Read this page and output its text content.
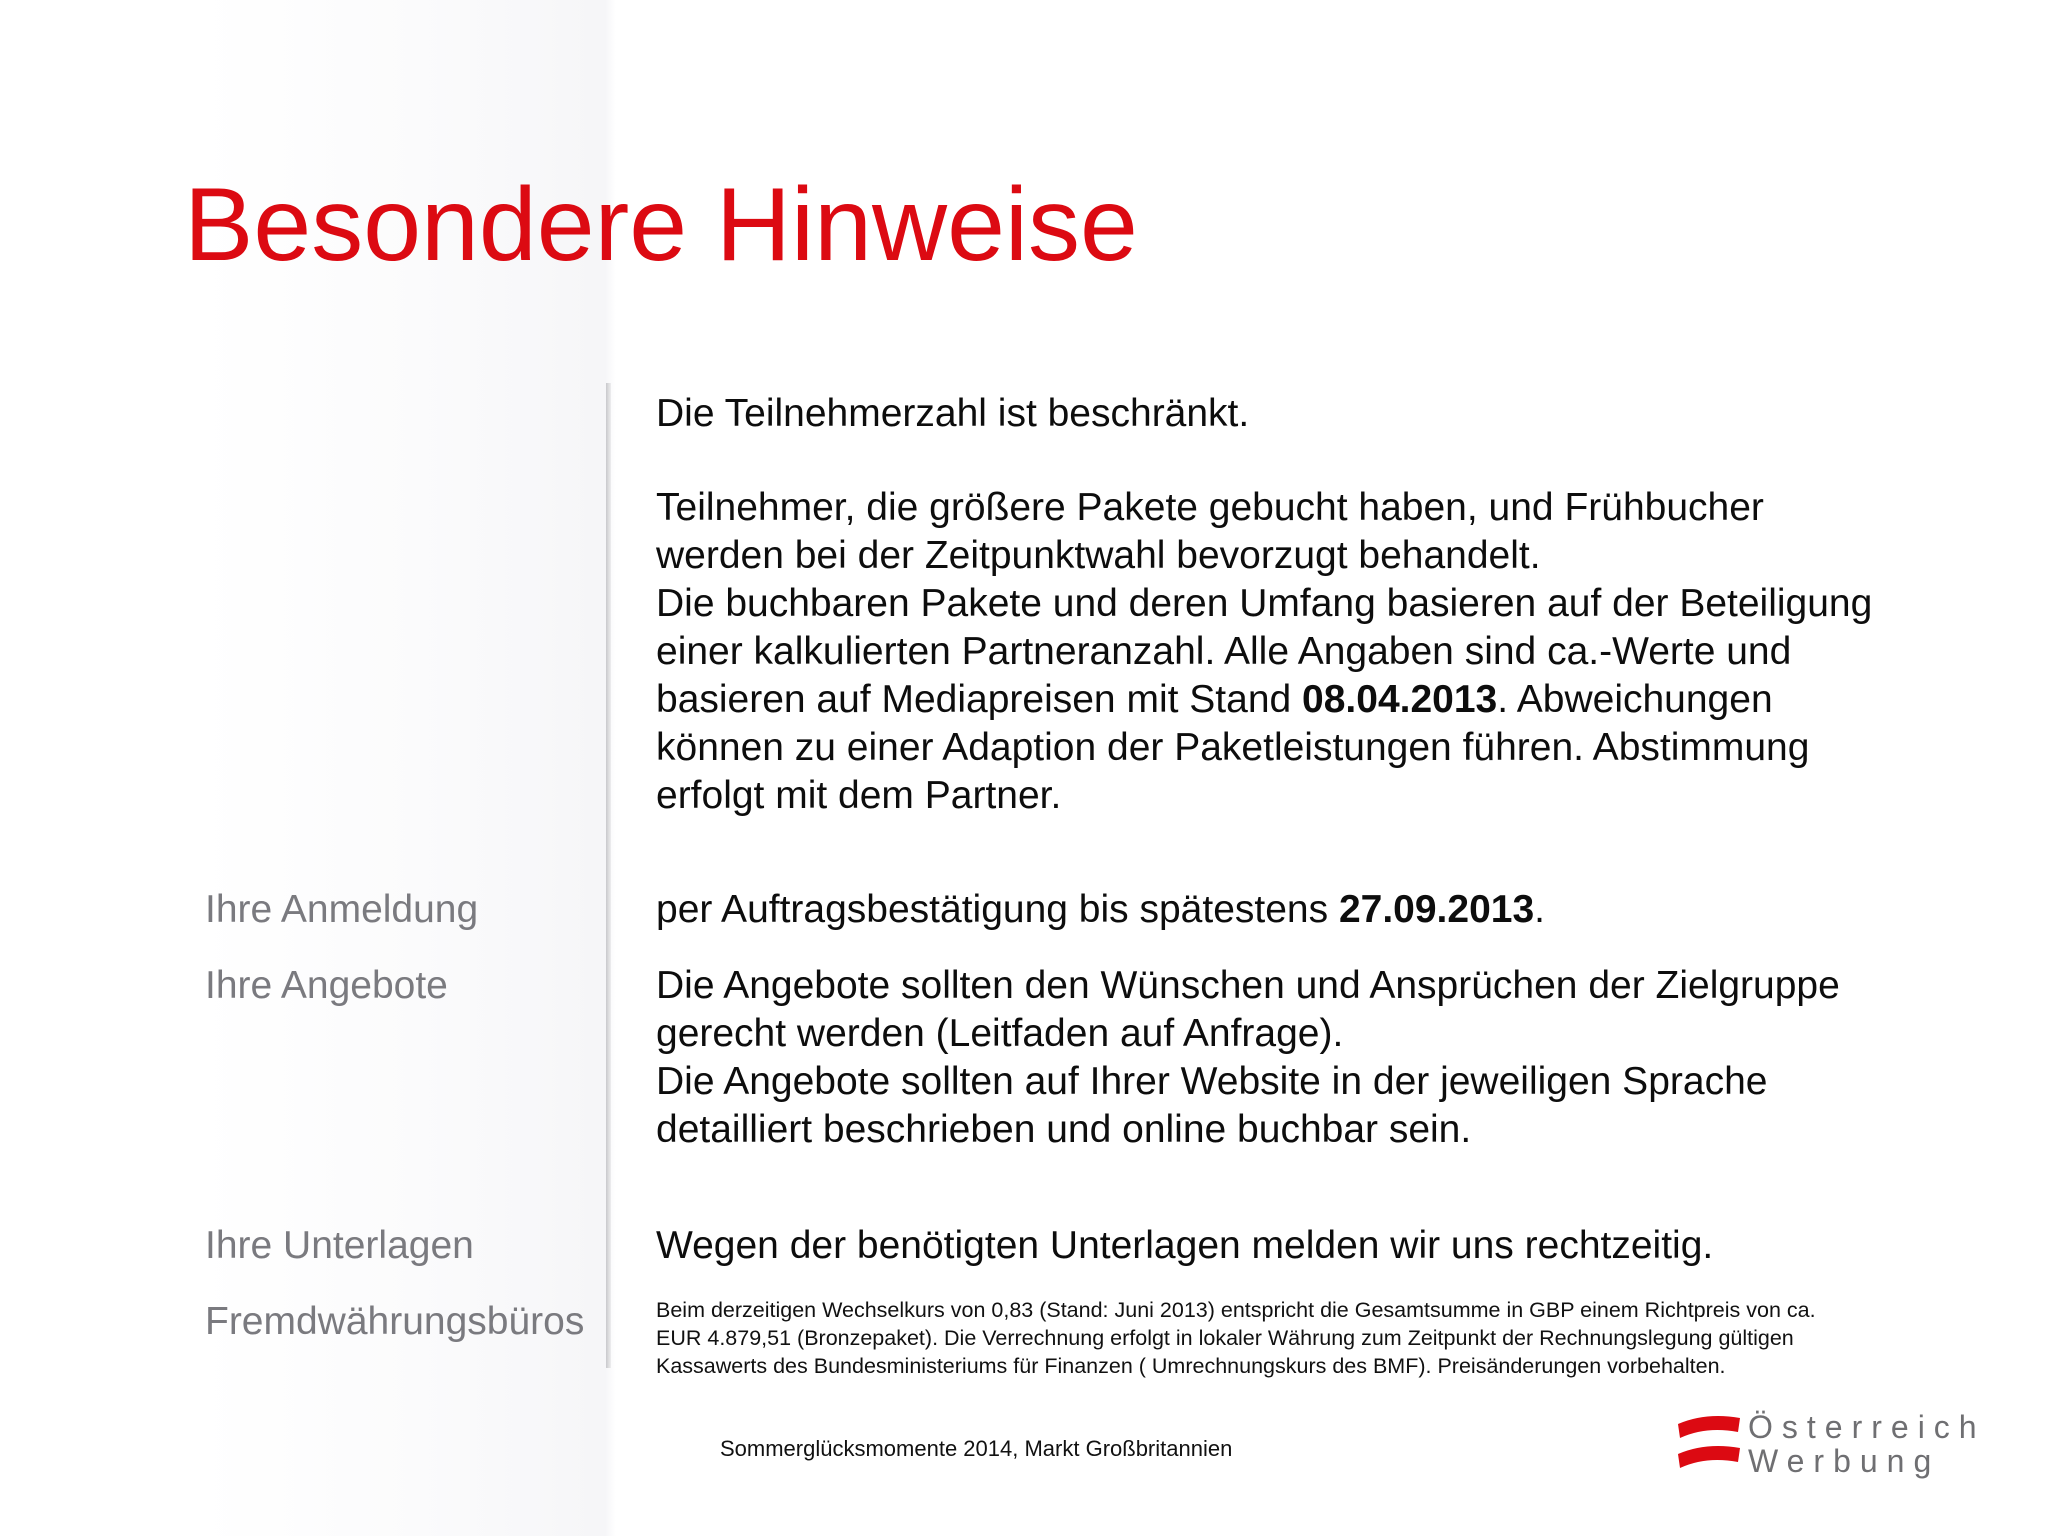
Besondere Hinweise
Die Teilnehmerzahl ist beschränkt.
Teilnehmer, die größere Pakete gebucht haben, und Frühbucher
werden bei der Zeitpunktwahl bevorzugt behandelt.
Die buchbaren Pakete und deren Umfang basieren auf der Beteiligung
einer kalkulierten Partneranzahl. Alle Angaben sind ca.-Werte und
basieren auf Mediapreisen mit Stand 08.04.2013. Abweichungen
können zu einer Adaption der Paketleistungen führen. Abstimmung
erfolgt mit dem Partner.
Ihre Anmeldung	per Auftragsbestätigung bis spätestens 27.09.2013.
Ihre Angebote	Die Angebote sollten den Wünschen und Ansprüchen der Zielgruppe
gerecht werden (Leitfaden auf Anfrage).
Die Angebote sollten auf Ihrer Website in der jeweiligen Sprache
detailliert beschrieben und online buchbar sein.
Ihre Unterlagen	Wegen der benötigten Unterlagen melden wir uns rechtzeitig.
Fremdwährungsbüros	Beim derzeitigen Wechselkurs von 0,83 (Stand: Juni 2013) entspricht die Gesamtsumme in GBP einem Richtpreis von ca.
EUR 4.879,51 (Bronzepaket). Die Verrechnung erfolgt in lokaler Währung zum Zeitpunkt der Rechnungslegung gültigen
Kassawerts des Bundesministeriums für Finanzen ( Umrechnungskurs des BMF). Preisänderungen vorbehalten.
Sommerglücksmomente 2014, Markt Großbritannien
Österreich
Werbung
